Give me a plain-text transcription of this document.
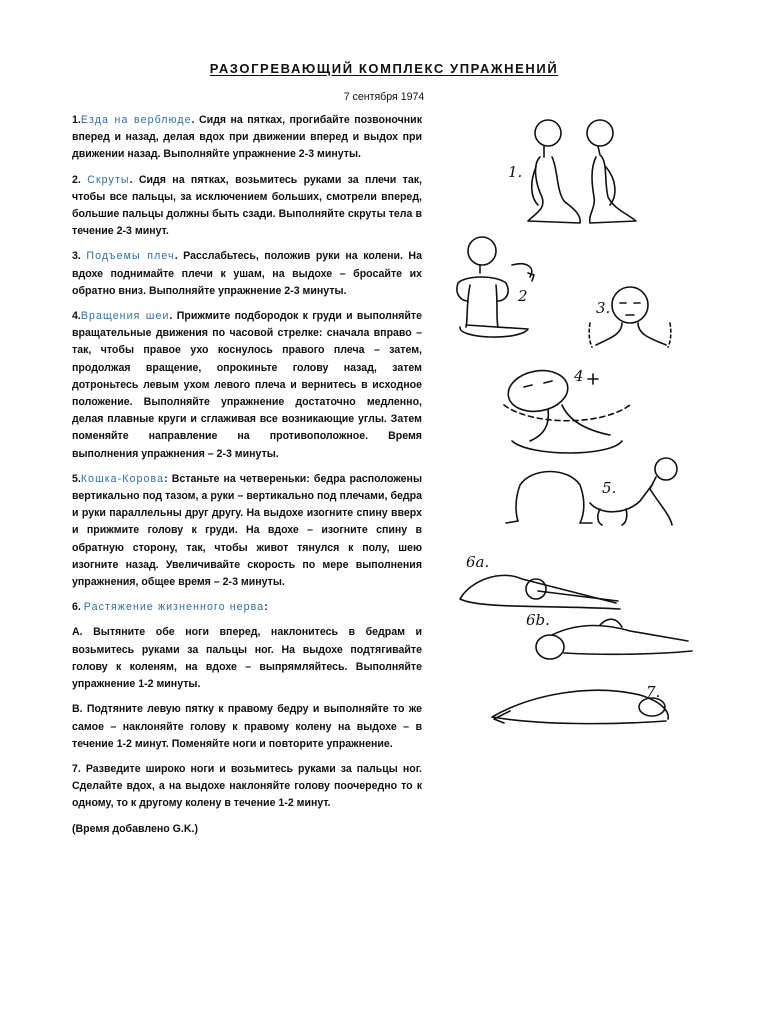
РАЗОГРЕВАЮЩИЙ КОМПЛЕКС УПРАЖНЕНИЙ
7 сентября 1974

1.Езда на верблюде. Сидя на пятках, прогибайте позвоночник вперед и назад, делая вдох при движении вперед и выдох при движении назад. Выполняйте упражнение 2-3 минуты.

2. Скруты. Сидя на пятках, возьмитесь руками за плечи так, чтобы все пальцы, за исключением больших, смотрели вперед, большие пальцы должны быть сзади. Выполняйте скруты тела в течение 2-3 минут.

3. Подъемы плеч. Расслабьтесь, положив руки на колени. На вдохе поднимайте плечи к ушам, на выдохе – бросайте их обратно вниз. Выполняйте упражнение 2-3 минуты.

4.Вращения шеи. Прижмите подбородок к груди и выполняйте вращательные движения по часовой стрелке: сначала вправо – так, чтобы правое ухо коснулось правого плеча – затем, продолжая вращение, опрокиньте голову назад, затем дотроньтесь левым ухом левого плеча и вернитесь в исходное положение. Выполняйте упражнение достаточно медленно, делая плавные круги и сглаживая все возникающие углы. Затем поменяйте направление на противоположное. Время выполнения упражнения – 2-3 минуты.

5.Кошка-Корова: Встаньте на четвереньки: бедра расположены вертикально под тазом, а руки – вертикально под плечами, бедра и руки параллельны друг другу. На выдохе изогните спину вверх и прижмите голову к груди. На вдохе – изогните спину в обратную сторону, так, чтобы живот тянулся к полу, шею изогните назад. Увеличивайте скорость по мере выполнения упражнения, общее время – 2-3 минуты.

6. Растяжение жизненного нерва:

А. Вытяните обе ноги вперед, наклонитесь в бедрам и возьмитесь руками за пальцы ног. На выдохе подтягивайте голову к коленям, на вдохе – выпрямляйтесь. Выполняйте упражнение 1-2 минуты.

В. Подтяните левую пятку к правому бедру и выполняйте то же самое – наклоняйте голову к правому колену на выдохе – в течение 1-2 минут. Поменяйте ноги и повторите упражнение.

7. Разведите широко ноги и возьмитесь руками за пальцы ног. Сделайте вдох, а на выдохе наклоняйте голову поочередно то к одному, то к другому колену в течение 1-2 минут.

(Время добавлено G.K.)

1.
2
3.
4
5.
6a.
6b.
7.
